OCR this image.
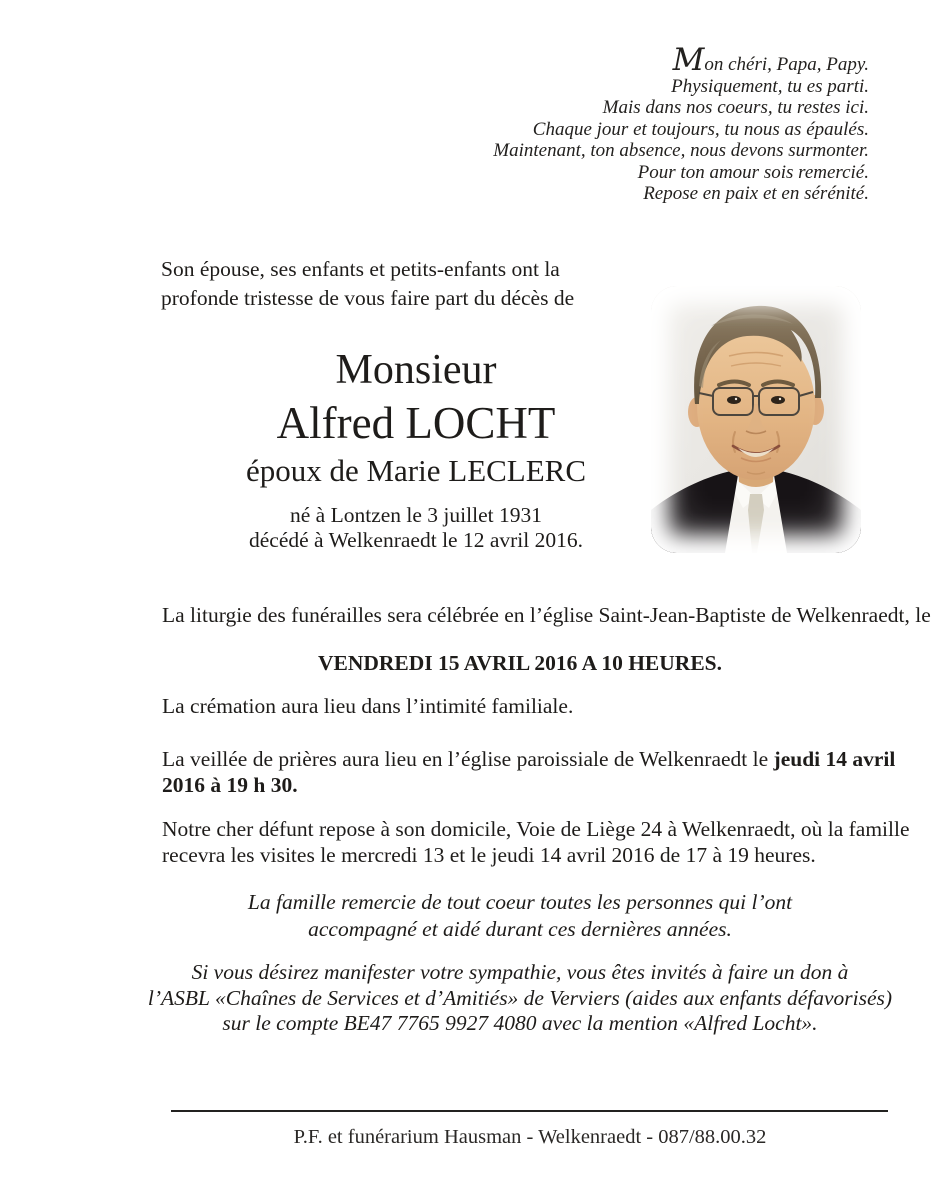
Mon chéri, Papa, Papy.
Physiquement, tu es parti.
Mais dans nos coeurs, tu restes ici.
Chaque jour et toujours, tu nous as épaulés.
Maintenant, ton absence, nous devons surmonter.
Pour ton amour sois remercié.
Repose en paix et en sérénité.
Son épouse, ses enfants et petits-enfants ont la
profonde tristesse de vous faire part du décès de
Monsieur
Alfred LOCHT
époux de Marie LECLERC
né à Lontzen le 3 juillet 1931
décédé à Welkenraedt le 12 avril 2016.
La liturgie des funérailles sera célébrée en l’église Saint-Jean-Baptiste de Welkenraedt, le
VENDREDI 15 AVRIL 2016 A 10 HEURES.
La crémation aura lieu dans l’intimité familiale.
La veillée de prières aura lieu en l’église paroissiale de Welkenraedt le jeudi 14 avril
2016 à 19 h 30.
Notre cher défunt repose à son domicile, Voie de Liège 24 à Welkenraedt, où la famille
recevra les visites le mercredi 13 et le jeudi 14 avril 2016 de 17 à 19 heures.
La famille remercie de tout coeur toutes les personnes qui l’ont
accompagné et aidé durant ces dernières années.
Si vous désirez manifester votre sympathie, vous êtes invités à faire un don à
l’ASBL «Chaînes de Services et d’Amitiés» de Verviers (aides aux enfants défavorisés)
sur le compte BE47 7765 9927 4080 avec la mention «Alfred Locht».
P.F. et funérarium Hausman - Welkenraedt - 087/88.00.32
